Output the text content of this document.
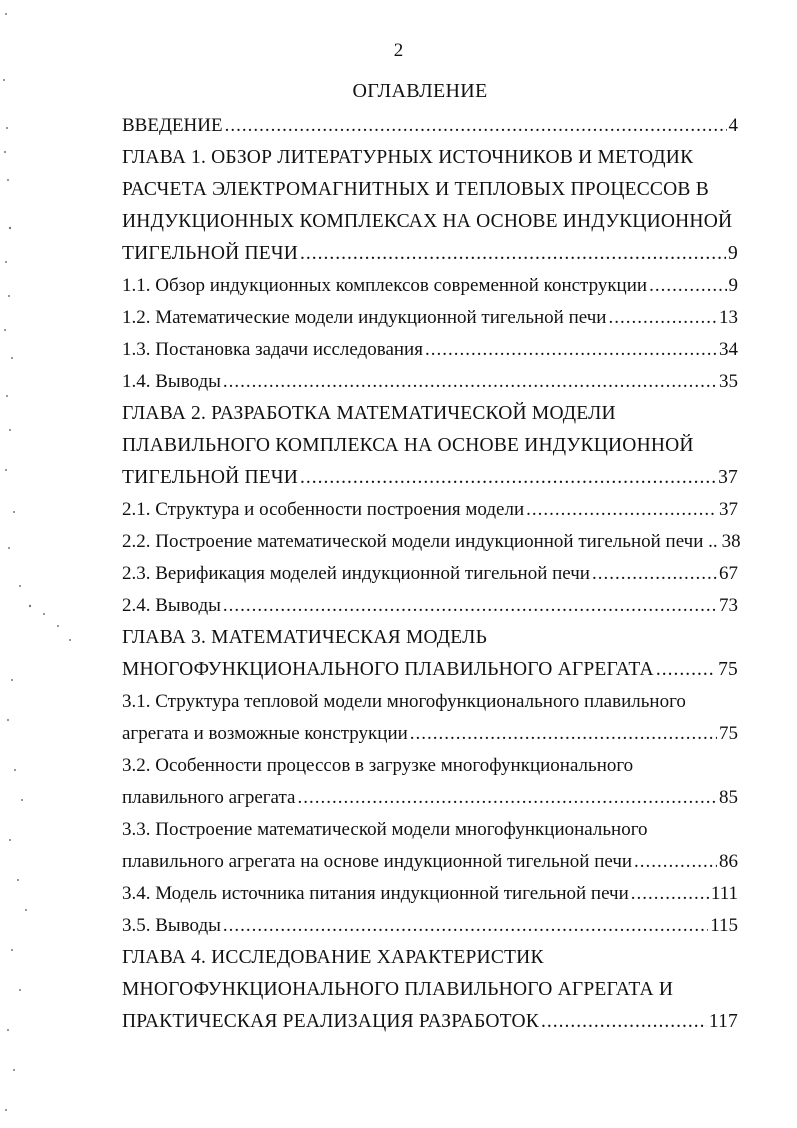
2
ОГЛАВЛЕНИЕ
ВВЕДЕНИЕ .....	4
ГЛАВА 1. ОБЗОР ЛИТЕРАТУРНЫХ ИСТОЧНИКОВ И МЕТОДИК
РАСЧЕТА ЭЛЕКТРОМАГНИТНЫХ И ТЕПЛОВЫХ ПРОЦЕССОВ В
ИНДУКЦИОННЫХ КОМПЛЕКСАХ НА ОСНОВЕ ИНДУКЦИОННОЙ
ТИГЕЛЬНОЙ ПЕЧИ .....	9
1.1. Обзор индукционных комплексов современной конструкции .....	9
1.2. Математические модели индукционной тигельной печи .....	13
1.3. Постановка задачи исследования .....	34
1.4. Выводы .....	35
ГЛАВА 2. РАЗРАБОТКА МАТЕМАТИЧЕСКОЙ МОДЕЛИ
ПЛАВИЛЬНОГО КОМПЛЕКСА НА ОСНОВЕ ИНДУКЦИОННОЙ
ТИГЕЛЬНОЙ ПЕЧИ .....	37
2.1. Структура и особенности построения модели .....	37
2.2. Построение математической модели индукционной тигельной печи .. 38
2.3. Верификация моделей индукционной тигельной печи .....	67
2.4. Выводы .....	73
ГЛАВА 3. МАТЕМАТИЧЕСКАЯ МОДЕЛЬ
МНОГОФУНКЦИОНАЛЬНОГО ПЛАВИЛЬНОГО АГРЕГАТА .....	75
3.1. Структура тепловой модели многофункционального плавильного
агрегата и возможные конструкции .....	75
3.2. Особенности процессов в загрузке многофункционального
плавильного агрегата .....	85
3.3. Построение математической модели многофункционального
плавильного агрегата на основе индукционной тигельной печи .....	86
3.4. Модель источника питания индукционной тигельной печи .....	111
3.5. Выводы .....	115
ГЛАВА 4. ИССЛЕДОВАНИЕ ХАРАКТЕРИСТИК
МНОГОФУНКЦИОНАЛЬНОГО ПЛАВИЛЬНОГО АГРЕГАТА И
ПРАКТИЧЕСКАЯ РЕАЛИЗАЦИЯ РАЗРАБОТОК .....	117
